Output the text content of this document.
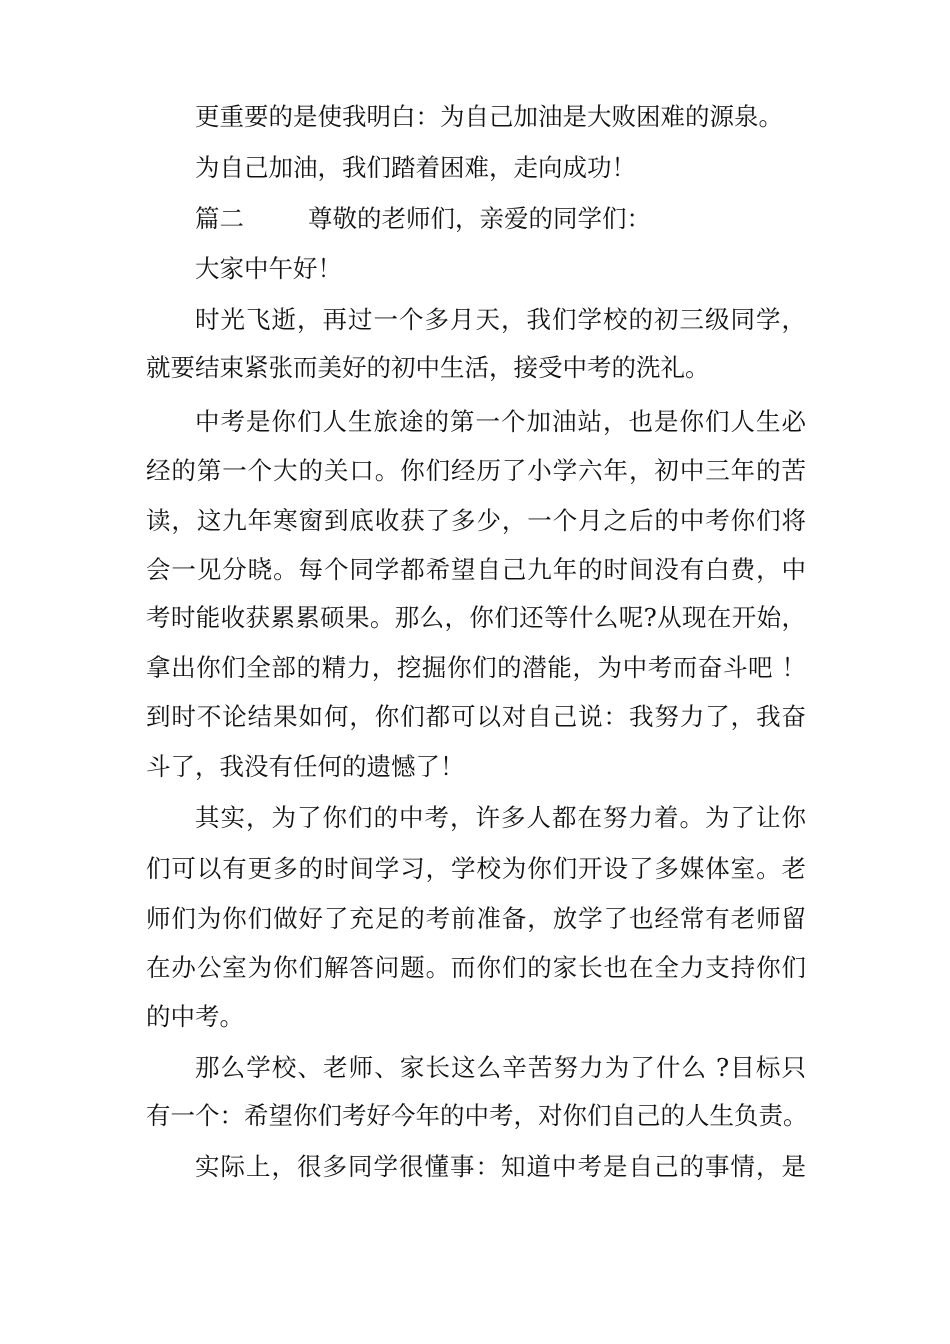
更重要的是使我明白：为自己加油是大败困难的源泉。
为自己加油，我们踏着困难，走向成功！
篇二	尊敬的老师们，亲爱的同学们：
大家中午好！
时光飞逝，再过一个多月天，我们学校的初三级同学，
就要结束紧张而美好的初中生活，接受中考的洗礼。
中考是你们人生旅途的第一个加油站，也是你们人生必
经的第一个大的关口。你们经历了小学六年，初中三年的苦
读，这九年寒窗到底收获了多少，一个月之后的中考你们将
会一见分晓。每个同学都希望自己九年的时间没有白费，中
考时能收获累累硕果。那么，你们还等什么呢?从现在开始，
拿出你们全部的精力，挖掘你们的潜能，为中考而奋斗吧 ！
到时不论结果如何，你们都可以对自己说：我努力了，我奋
斗了，我没有任何的遗憾了！
其实，为了你们的中考，许多人都在努力着。为了让你
们可以有更多的时间学习，学校为你们开设了多媒体室。老
师们为你们做好了充足的考前准备，放学了也经常有老师留
在办公室为你们解答问题。而你们的家长也在全力支持你们
的中考。
那么学校、老师、家长这么辛苦努力为了什么 ?目标只
有一个：希望你们考好今年的中考，对你们自己的人生负责。
实际上，很多同学很懂事：知道中考是自己的事情，是
